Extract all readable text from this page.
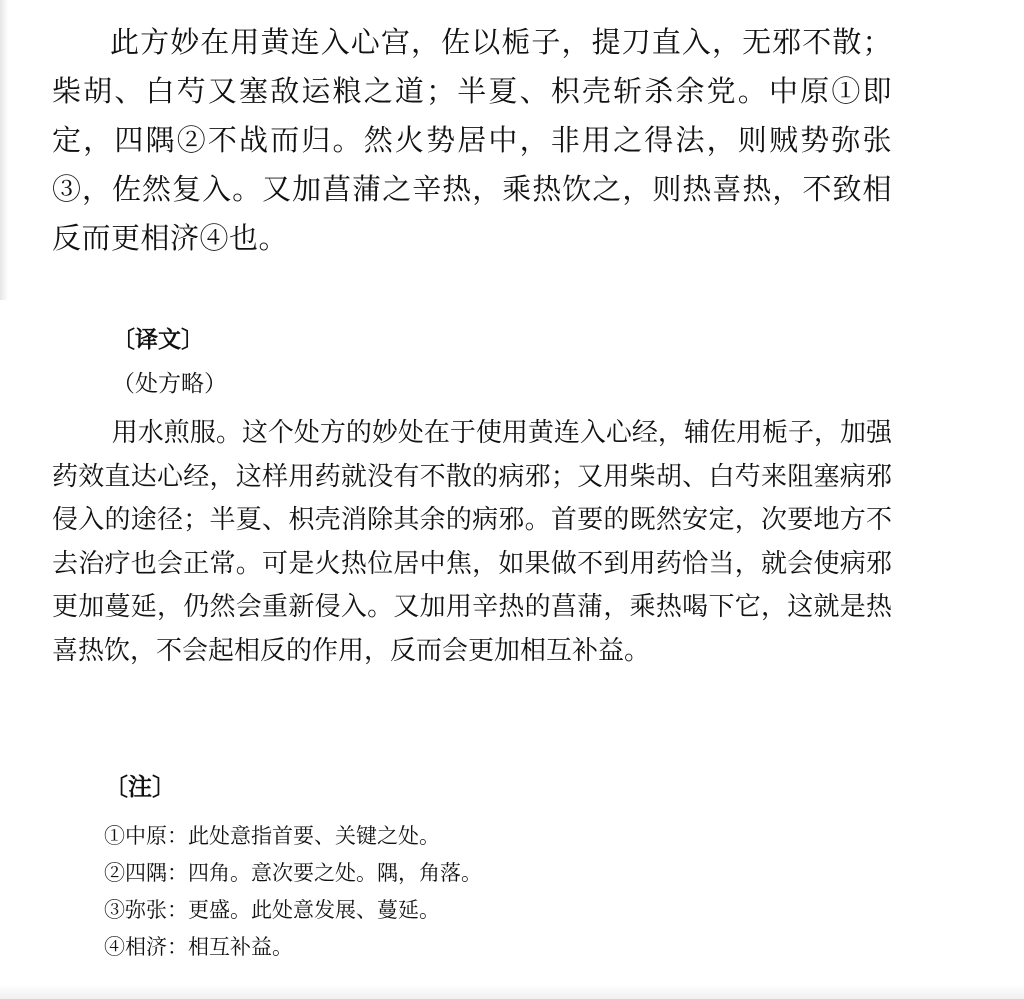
此方妙在用黄连入心宫，佐以栀子，提刀直入，无邪不散；柴胡、白芍又塞敌运粮之道；半夏、枳壳斩杀余党。中原①即定，四隅②不战而归。然火势居中，非用之得法，则贼势弥张③，佐然复入。又加菖蒲之辛热，乘热饮之，则热喜热，不致相反而更相济④也。

〔译文〕

（处方略）

用水煎服。这个处方的妙处在于使用黄连入心经，辅佐用栀子，加强药效直达心经，这样用药就没有不散的病邪；又用柴胡、白芍来阻塞病邪侵入的途径；半夏、枳壳消除其余的病邪。首要的既然安定，次要地方不去治疗也会正常。可是火热位居中焦，如果做不到用药恰当，就会使病邪更加蔓延，仍然会重新侵入。又加用辛热的菖蒲，乘热喝下它，这就是热喜热饮，不会起相反的作用，反而会更加相互补益。

〔注〕

①中原：此处意指首要、关键之处。
②四隅：四角。意次要之处。隅，角落。
③弥张：更盛。此处意发展、蔓延。
④相济：相互补益。
